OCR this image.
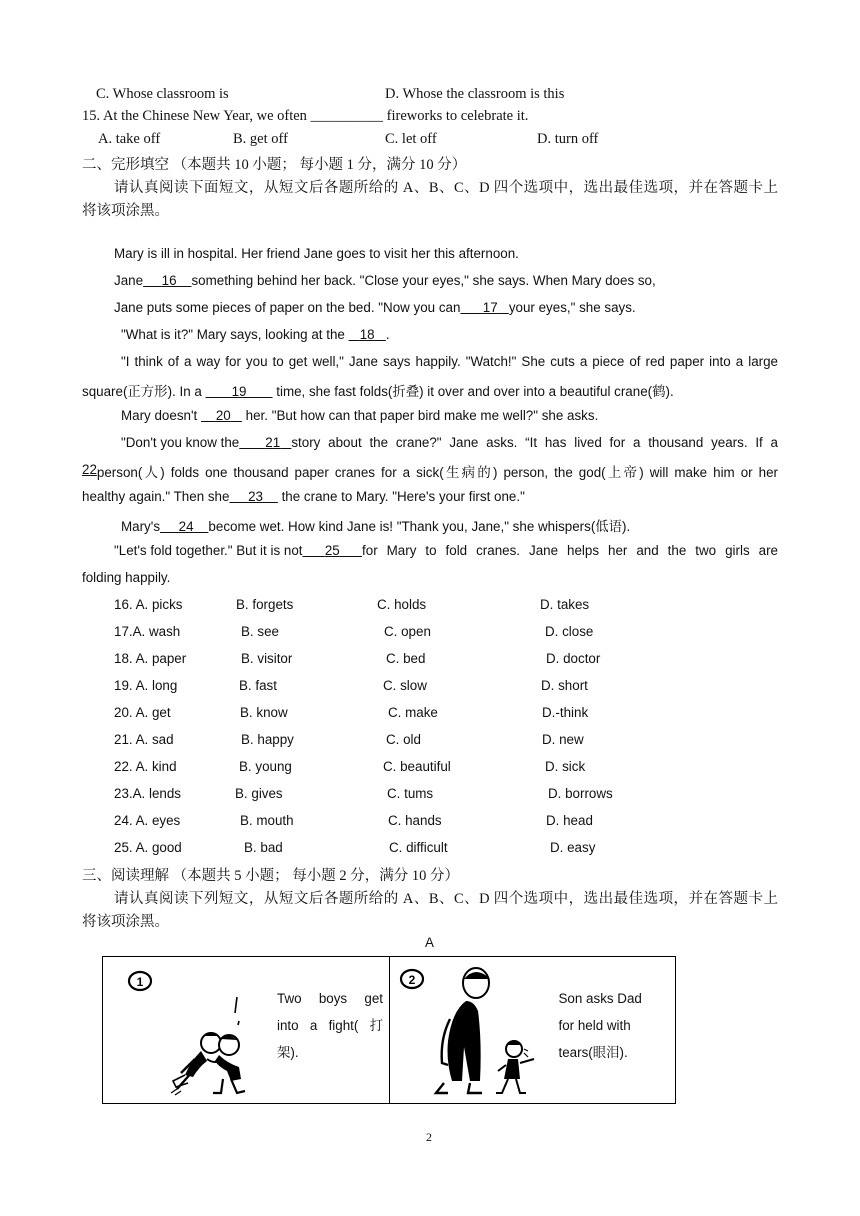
C. Whose classroom is	D. Whose the classroom is this
15. At the Chinese New Year, we often __________ fireworks to celebrate it.
A. take off	B. get off	C. let off	D. turn off
二、完形填空 （本题共 10 小题； 每小题 1 分，满分 10 分）
请认真阅读下面短文，从短文后各题所给的 A、B、C、D 四个选项中，选出最佳选项，并在答题卡上
将该项涂黑。
Mary is ill in hospital. Her friend Jane goes to visit her this afternoon.
Jane 16 something behind her back. "Close your eyes," she says. When Mary does so,
Jane puts some pieces of paper on the bed. "Now you can 17 your eyes," she says.
"What is it?" Mary says, looking at the    18 .
"I think of a way for you to get well," Jane says happily. "Watch!" She cuts a piece of red paper into a large
square(正方形). In a        19        time, she fast folds(折叠) it over and over into a beautiful crane(鹤).
Mary doesn't     20    her. "But how can that paper bird make me well?" she asks.
"Don't you know the	21 story about the crane?" Jane asks. “It has lived for a thousand years. If a
22 person(人) folds one thousand paper cranes for a sick(生病的) person, the god(上帝) will make him or her
healthy again." Then she 23     the crane to Mary. "Here's your first one."
Mary's 24 become wet. How kind Jane is! "Thank you, Jane," she whispers(低语).
"Let's fold together." But it is not	25	for Mary to fold cranes. Jane helps her and the two girls are
folding happily.
16. A. picks	B. forgets	C. holds	D. takes
17.A. wash	B. see	C. open	D. close
18. A. paper	B. visitor	C. bed	D. doctor
19. A. long	B. fast	C. slow	D. short
20. A. get	B. know	C. make	D.-think
21. A. sad	B. happy	C. old	D. new
22. A. kind	B. young	C. beautiful	D. sick
23.A. lends	B. gives	C. tums	D. borrows
24. A. eyes	B. mouth	C. hands	D. head
25. A. good	B. bad	C. difficult	D. easy
三、阅读理解 （本题共 5 小题； 每小题 2 分，满分 10 分）
请认真阅读下列短文，从短文后各题所给的 A、B、C、D 四个选项中，选出最佳选项，并在答题卡上
将该项涂黑。
A
1
Two boys get
into a fight( 打
架).

2
Son asks Dad
for held with
tears(眼泪).
2
